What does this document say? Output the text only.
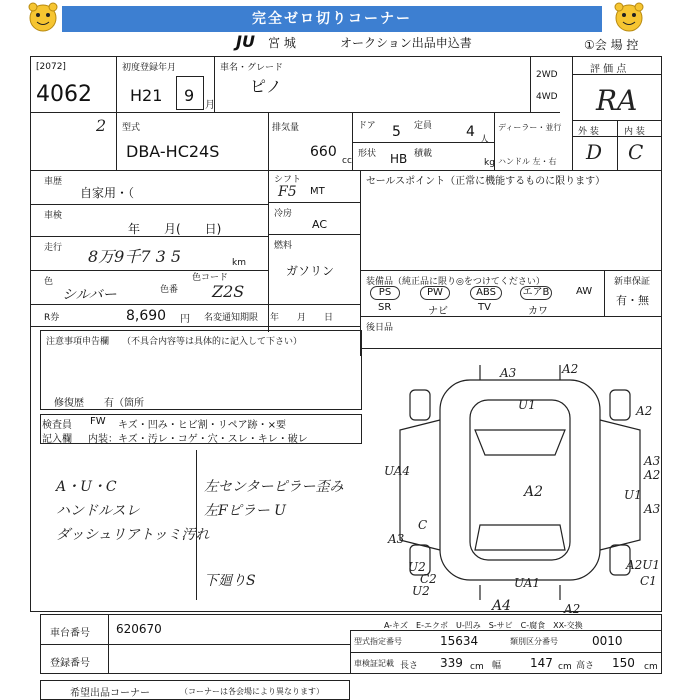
完全ゼロ切りコーナー
JU 宮 城	オークション出品申込書	①会 場 控
[2072]
4062
初度登録年月
H21 9
月
車名・グレード
ピノ
2WD
4WD
型式
DBA-HC24S
2	排気量
660
cc
ドア 5 定員 4 人
形状 HB 積載
kg
ディーラー・並行
ハンドル 左・右
評 価 点
RA
外 装	内 装
D C
車歴
自家用・（
車検
年　　月(　　日)
走行 8万9千7 3 5	km
色
シルバー	色番
色コード
Z2S
R券	8,690 円 名変通知期限 年　　月　　日
シフト
F5 MT
冷房
AC
燃料
ガソリン
セールスポイント（正常に機能するものに限ります）
装備品（純正品に限り◎をつけてください）	新車保証
PS	PW	ABS	エアB	AW
SR	ナビ	TV	カワ
有・無
後日品
注意事項申告欄 （不具合内容等は具体的に記入して下さい）
修復歴　　有（箇所
検査員
記入欄
FW キズ・凹み・ヒビ割・リペア跡・×要
内装：キズ・汚レ・コゲ・穴・スレ・キレ・破レ
A・U・C
ハンドルスレ
ダッシュリアトッミ汚れ
左センターピラー歪み
左Fピラー U
下廻りS
A3	A2
A2
U1
A2
UA4
A3
U2
A3
U1
A3
A2
A2U1
C1
U2
C2	UA1
A4	A2
C
A-キズ　E-エクボ　U-凹み　S-サビ　C-腐食　XX-交換
車台番号 620670
登録番号
型式指定番号	15634	類別区分番号	0010
車検証記載 長さ 339 cm 幅 147 cm 高さ 150 cm
希望出品コーナー	（コーナーは各会場により異なります）
